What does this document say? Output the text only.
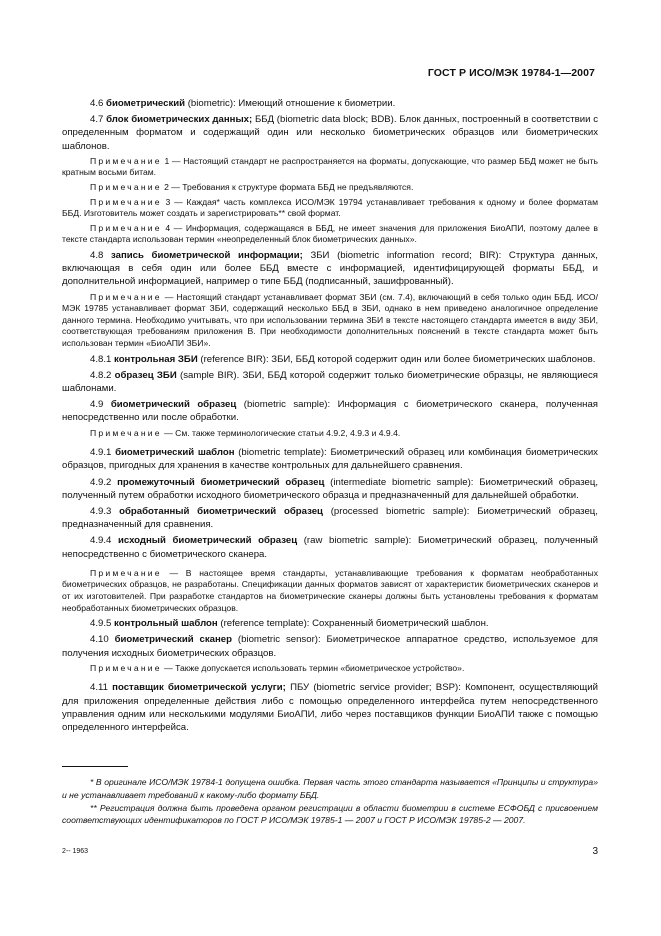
ГОСТ Р ИСО/МЭК 19784-1—2007

4.6 биометрический (biometric): Имеющий отношение к биометрии.

4.7 блок биометрических данных; ББД (biometric data block; BDB). Блок данных, построенный в соответствии с определенным форматом и содержащий один или несколько биометрических образцов или биометрических шаблонов.

Примечание 1 — Настоящий стандарт не распространяется на форматы, допускающие, что размер ББД может не быть кратным восьми битам.

Примечание 2 — Требования к структуре формата ББД не предъявляются.

Примечание 3 — Каждая* часть комплекса ИСО/МЭК 19794 устанавливает требования к одному и более форматам ББД. Изготовитель может создать и зарегистрировать** свой формат.

Примечание 4 — Информация, содержащаяся в ББД, не имеет значения для приложения БиоАПИ, поэтому далее в тексте стандарта использован термин «неопределенный блок биометрических данных».

4.8 запись биометрической информации; ЗБИ (biometric information record; BIR): Структура данных, включающая в себя один или более ББД вместе с информацией, идентифицирующей форматы ББД, и дополнительной информацией, например о типе ББД (подписанный, зашифрованный).

Примечание — Настоящий стандарт устанавливает формат ЗБИ (см. 7.4), включающий в себя только один ББД. ИСО/МЭК 19785 устанавливает формат ЗБИ, содержащий несколько ББД в ЗБИ, однако в нем приведено аналогичное определение данного термина. Необходимо учитывать, что при использовании термина ЗБИ в тексте настоящего стандарта имеется в виду ЗБИ, соответствующая требованиям приложения В. При необходимости дополнительных пояснений в тексте стандарта может быть использован термин «БиоАПИ ЗБИ».

4.8.1 контрольная ЗБИ (reference BIR): ЗБИ, ББД которой содержит один или более биометрических шаблонов.

4.8.2 образец ЗБИ (sample BIR). ЗБИ, ББД которой содержит только биометрические образцы, не являющиеся шаблонами.

4.9 биометрический образец (biometric sample): Информация с биометрического сканера, полученная непосредственно или после обработки.

Примечание — См. также терминологические статьи 4.9.2, 4.9.3 и 4.9.4.

4.9.1 биометрический шаблон (biometric template): Биометрический образец или комбинация биометрических образцов, пригодных для хранения в качестве контрольных для дальнейшего сравнения.

4.9.2 промежуточный биометрический образец (intermediate biometric sample): Биометрический образец, полученный путем обработки исходного биометрического образца и предназначенный для дальнейшей обработки.

4.9.3 обработанный биометрический образец (processed biometric sample): Биометрический образец, предназначенный для сравнения.

4.9.4 исходный биометрический образец (raw biometric sample): Биометрический образец, полученный непосредственно с биометрического сканера.

Примечание — В настоящее время стандарты, устанавливающие требования к форматам необработанных биометрических образцов, не разработаны. Спецификации данных форматов зависят от характеристик биометрических сканеров и от их изготовителей. При разработке стандартов на биометрические сканеры должны быть установлены требования к форматам необработанных биометрических образцов.

4.9.5 контрольный шаблон (reference template): Сохраненный биометрический шаблон.

4.10 биометрический сканер (biometric sensor): Биометрическое аппаратное средство, используемое для получения исходных биометрических образцов.

Примечание — Также допускается использовать термин «биометрическое устройство».

4.11 поставщик биометрической услуги; ПБУ (biometric service provider; BSP): Компонент, осуществляющий для приложения определенные действия либо с помощью определенного интерфейса путем непосредственного управления одним или несколькими модулями БиоАПИ, либо через поставщиков функции БиоАПИ также с помощью определенного интерфейса.

* В оригинале ИСО/МЭК 19784-1 допущена ошибка. Первая часть этого стандарта называется «Принципы и структура» и не устанавливает требований к какому-либо формату ББД.

** Регистрация должна быть проведена органом регистрации в области биометрии в системе ЕСФОБД с присвоением соответствующих идентификаторов по ГОСТ Р ИСО/МЭК 19785-1 — 2007 и ГОСТ Р ИСО/МЭК 19785-2 — 2007.

2-- 1963	3
